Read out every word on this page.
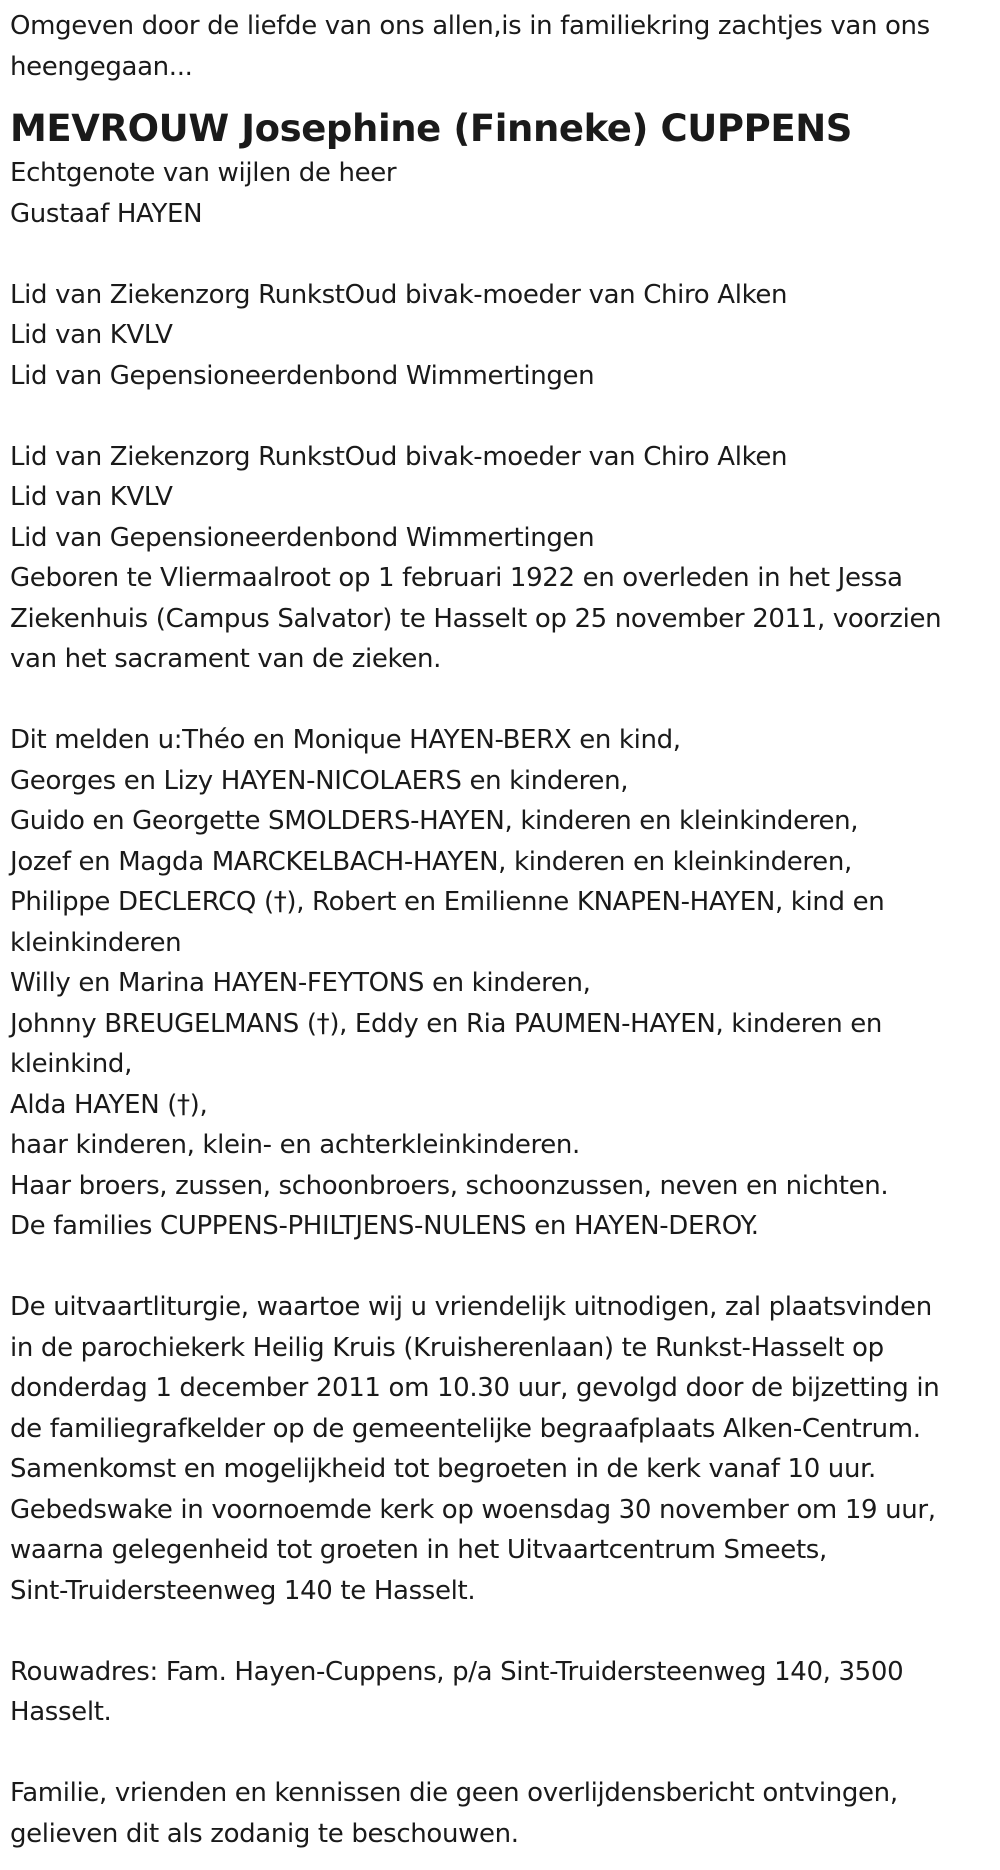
Omgeven door de liefde van ons allen,is in familiekring zachtjes van ons
heengegaan...
MEVROUW Josephine (Finneke) CUPPENS
Echtgenote van wijlen de heer
Gustaaf HAYEN
Lid van Ziekenzorg RunkstOud bivak-moeder van Chiro Alken
Lid van KVLV
Lid van Gepensioneerdenbond Wimmertingen
Lid van Ziekenzorg RunkstOud bivak-moeder van Chiro Alken
Lid van KVLV
Lid van Gepensioneerdenbond Wimmertingen
Geboren te Vliermaalroot op 1 februari 1922 en overleden in het Jessa
Ziekenhuis (Campus Salvator) te Hasselt op 25 november 2011, voorzien
van het sacrament van de zieken.
Dit melden u:Théo en Monique HAYEN-BERX en kind,
Georges en Lizy HAYEN-NICOLAERS en kinderen,
Guido en Georgette SMOLDERS-HAYEN, kinderen en kleinkinderen,
Jozef en Magda MARCKELBACH-HAYEN, kinderen en kleinkinderen,
Philippe DECLERCQ (†), Robert en Emilienne KNAPEN-HAYEN, kind en
kleinkinderen
Willy en Marina HAYEN-FEYTONS en kinderen,
Johnny BREUGELMANS (†), Eddy en Ria PAUMEN-HAYEN, kinderen en
kleinkind,
Alda HAYEN (†),
haar kinderen, klein- en achterkleinkinderen.
Haar broers, zussen, schoonbroers, schoonzussen, neven en nichten.
De families CUPPENS-PHILTJENS-NULENS en HAYEN-DEROY.
De uitvaartliturgie, waartoe wij u vriendelijk uitnodigen, zal plaatsvinden
in de parochiekerk Heilig Kruis (Kruisherenlaan) te Runkst-Hasselt op
donderdag 1 december 2011 om 10.30 uur, gevolgd door de bijzetting in
de familiegrafkelder op de gemeentelijke begraafplaats Alken-Centrum.
Samenkomst en mogelijkheid tot begroeten in de kerk vanaf 10 uur.
Gebedswake in voornoemde kerk op woensdag 30 november om 19 uur,
waarna gelegenheid tot groeten in het Uitvaartcentrum Smeets,
Sint-Truidersteenweg 140 te Hasselt.
Rouwadres: Fam. Hayen-Cuppens, p/a Sint-Truidersteenweg 140, 3500
Hasselt.
Familie, vrienden en kennissen die geen overlijdensbericht ontvingen,
gelieven dit als zodanig te beschouwen.
